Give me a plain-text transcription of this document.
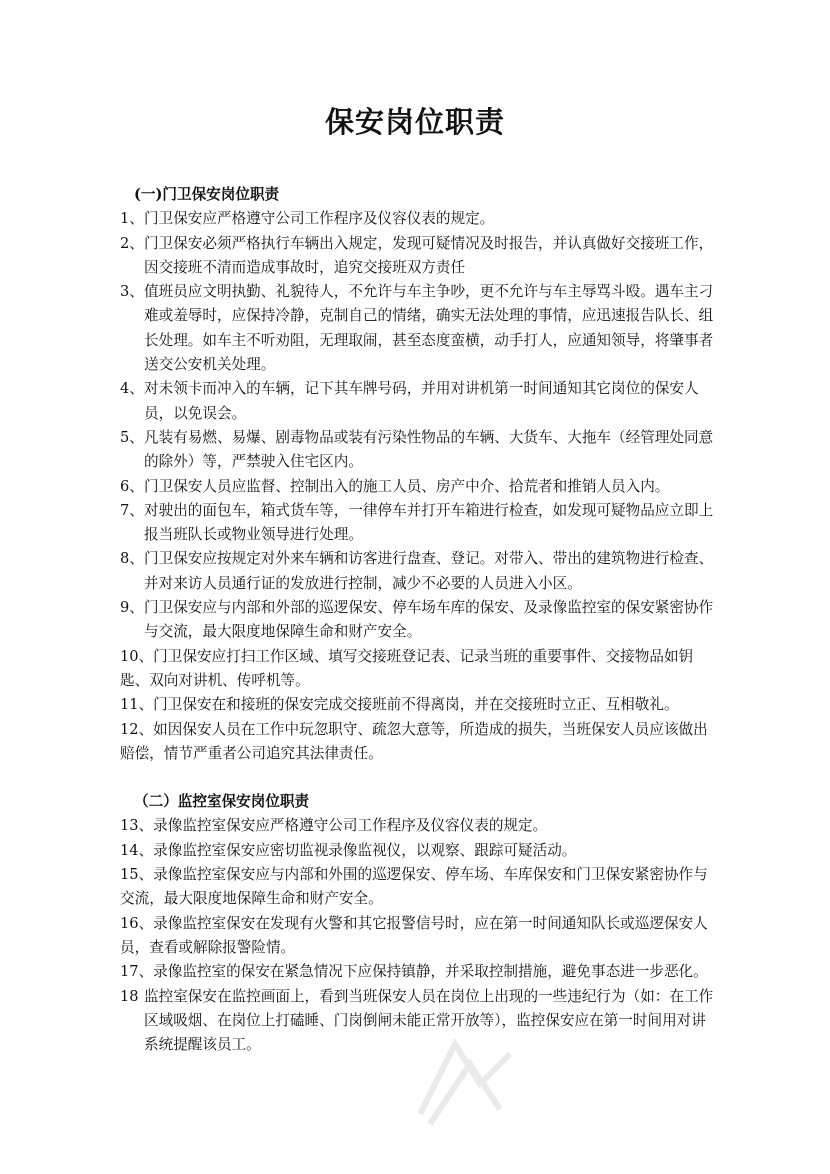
保安岗位职责
(一)门卫保安岗位职责
1、 门卫保安应严格遵守公司工作程序及仪容仪表的规定。
2、 门卫保安必须严格执行车辆出入规定，发现可疑情况及时报告，并认真做好交接班工作，因交接班不清而造成事故时，追究交接班双方责任
3、 值班员应文明执勤、礼貌待人，不允许与车主争吵，更不允许与车主辱骂斗殴。遇车主刁难或羞辱时，应保持冷静，克制自己的情绪，确实无法处理的事情，应迅速报告队长、组长处理。如车主不听劝阻，无理取闹，甚至态度蛮横，动手打人，应通知领导，将肇事者送交公安机关处理。
4、 对未领卡而冲入的车辆，记下其车牌号码，并用对讲机第一时间通知其它岗位的保安人员，以免误会。
5、 凡装有易燃、易爆、剧毒物品或装有污染性物品的车辆、大货车、大拖车（经管理处同意的除外）等，严禁驶入住宅区内。
6、 门卫保安人员应监督、控制出入的施工人员、房产中介、拾荒者和推销人员入内。
7、 对驶出的面包车，箱式货车等，一律停车并打开车箱进行检查，如发现可疑物品应立即上报当班队长或物业领导进行处理。
8、 门卫保安应按规定对外来车辆和访客进行盘查、登记。对带入、带出的建筑物进行检查、并对来访人员通行证的发放进行控制，减少不必要的人员进入小区。
9、 门卫保安应与内部和外部的巡逻保安、停车场车库的保安、及录像监控室的保安紧密协作与交流，最大限度地保障生命和财产安全。
10、门卫保安应打扫工作区域、填写交接班登记表、记录当班的重要事件、交接物品如钥匙、双向对讲机、传呼机等。
11、门卫保安在和接班的保安完成交接班前不得离岗，并在交接班时立正、互相敬礼。
12、如因保安人员在工作中玩忽职守、疏忽大意等，所造成的损失，当班保安人员应该做出赔偿，情节严重者公司追究其法律责任。
（二）监控室保安岗位职责
13、录像监控室保安应严格遵守公司工作程序及仪容仪表的规定。
14、录像监控室保安应密切监视录像监视仪，以观察、跟踪可疑活动。
15、录像监控室保安应与内部和外围的巡逻保安、停车场、车库保安和门卫保安紧密协作与交流，最大限度地保障生命和财产安全。
16、录像监控室保安在发现有火警和其它报警信号时，应在第一时间通知队长或巡逻保安人员，查看或解除报警险情。
17、录像监控室的保安在紧急情况下应保持镇静，并采取控制措施，避免事态进一步恶化。
18 监控室保安在监控画面上，看到当班保安人员在岗位上出现的一些违纪行为（如：在工作区域吸烟、在岗位上打磕睡、门岗倒闸未能正常开放等），监控保安应在第一时间用对讲系统提醒该员工。
